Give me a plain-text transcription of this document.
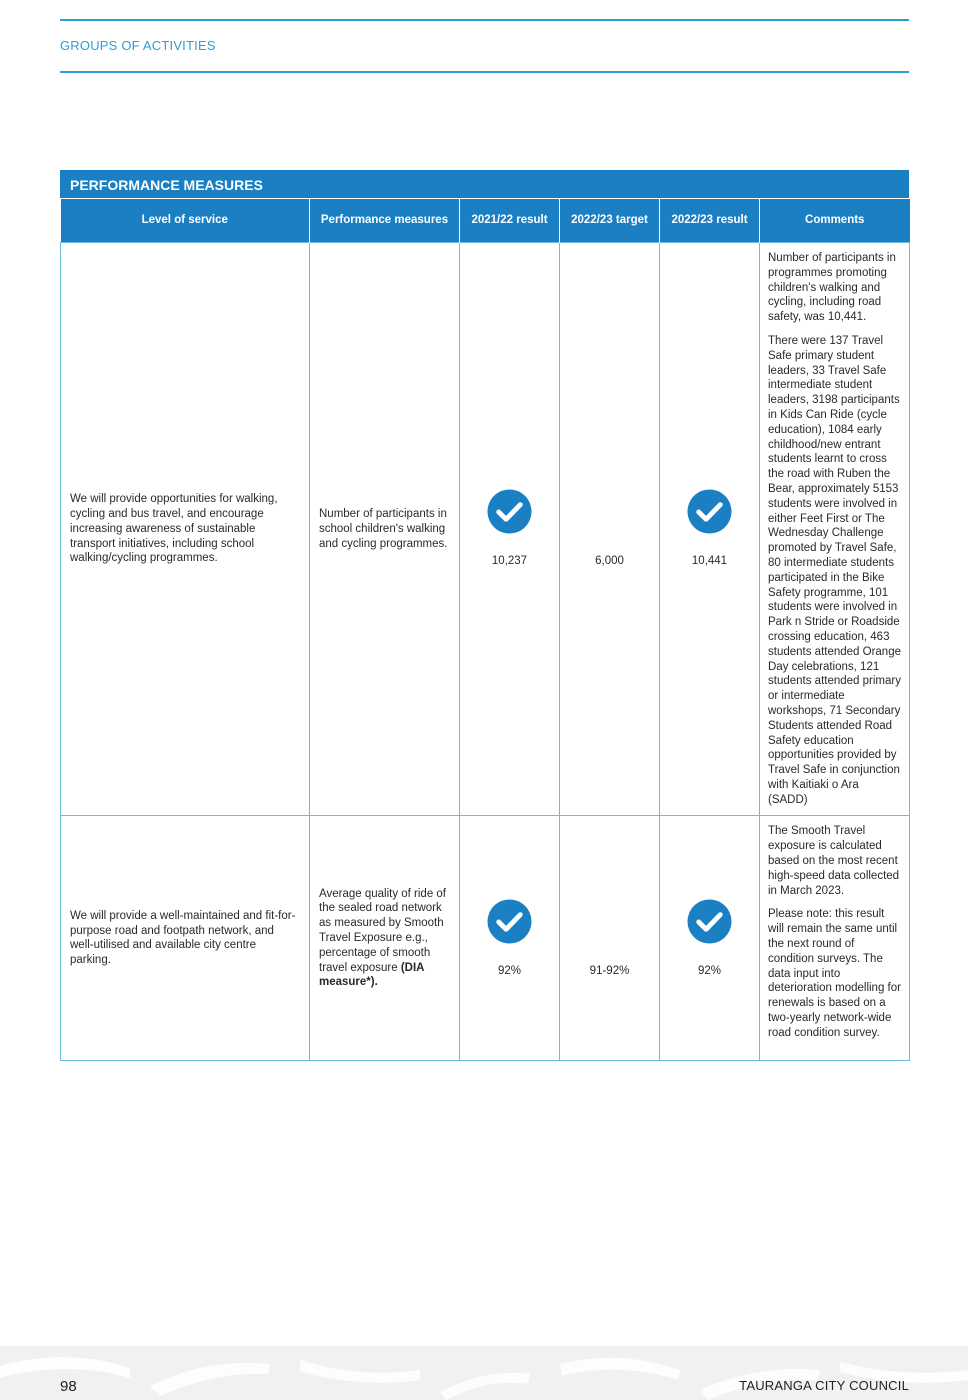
GROUPS OF ACTIVITIES
PERFORMANCE MEASURES
Level of service	Performance measures	2021/22 result	2022/23 target	2022/23 result	Comments
We will provide opportunities for walking, cycling and bus travel, and encourage increasing awareness of sustainable transport initiatives, including school walking/cycling programmes.	Number of participants in school children's walking and cycling programmes.	10,237	6,000	10,441	Number of participants in programmes promoting children's walking and cycling, including road safety, was 10,441.

There were 137 Travel Safe primary student leaders, 33 Travel Safe intermediate student leaders, 3198 participants in Kids Can Ride (cycle education), 1084 early childhood/new entrant students learnt to cross the road with Ruben the Bear, approximately 5153 students were involved in either Feet First or The Wednesday Challenge promoted by Travel Safe, 80 intermediate students participated in the Bike Safety programme, 101 students were involved in Park n Stride or Roadside crossing education, 463 students attended Orange Day celebrations, 121 students attended primary or intermediate workshops, 71 Secondary Students attended Road Safety education opportunities provided by Travel Safe in conjunction with Kaitiaki o Ara (SADD)

We will provide a well-maintained and fit-for-purpose road and footpath network, and well-utilised and available city centre parking.	Average quality of ride of the sealed road network as measured by Smooth Travel Exposure e.g., percentage of smooth travel exposure (DIA measure*).	92%	91-92%	92%	The Smooth Travel exposure is calculated based on the most recent high-speed data collected in March 2023.

Please note: this result will remain the same until the next round of condition surveys. The data input into deterioration modelling for renewals is based on a two-yearly network-wide road condition survey.

98	TAURANGA CITY COUNCIL
